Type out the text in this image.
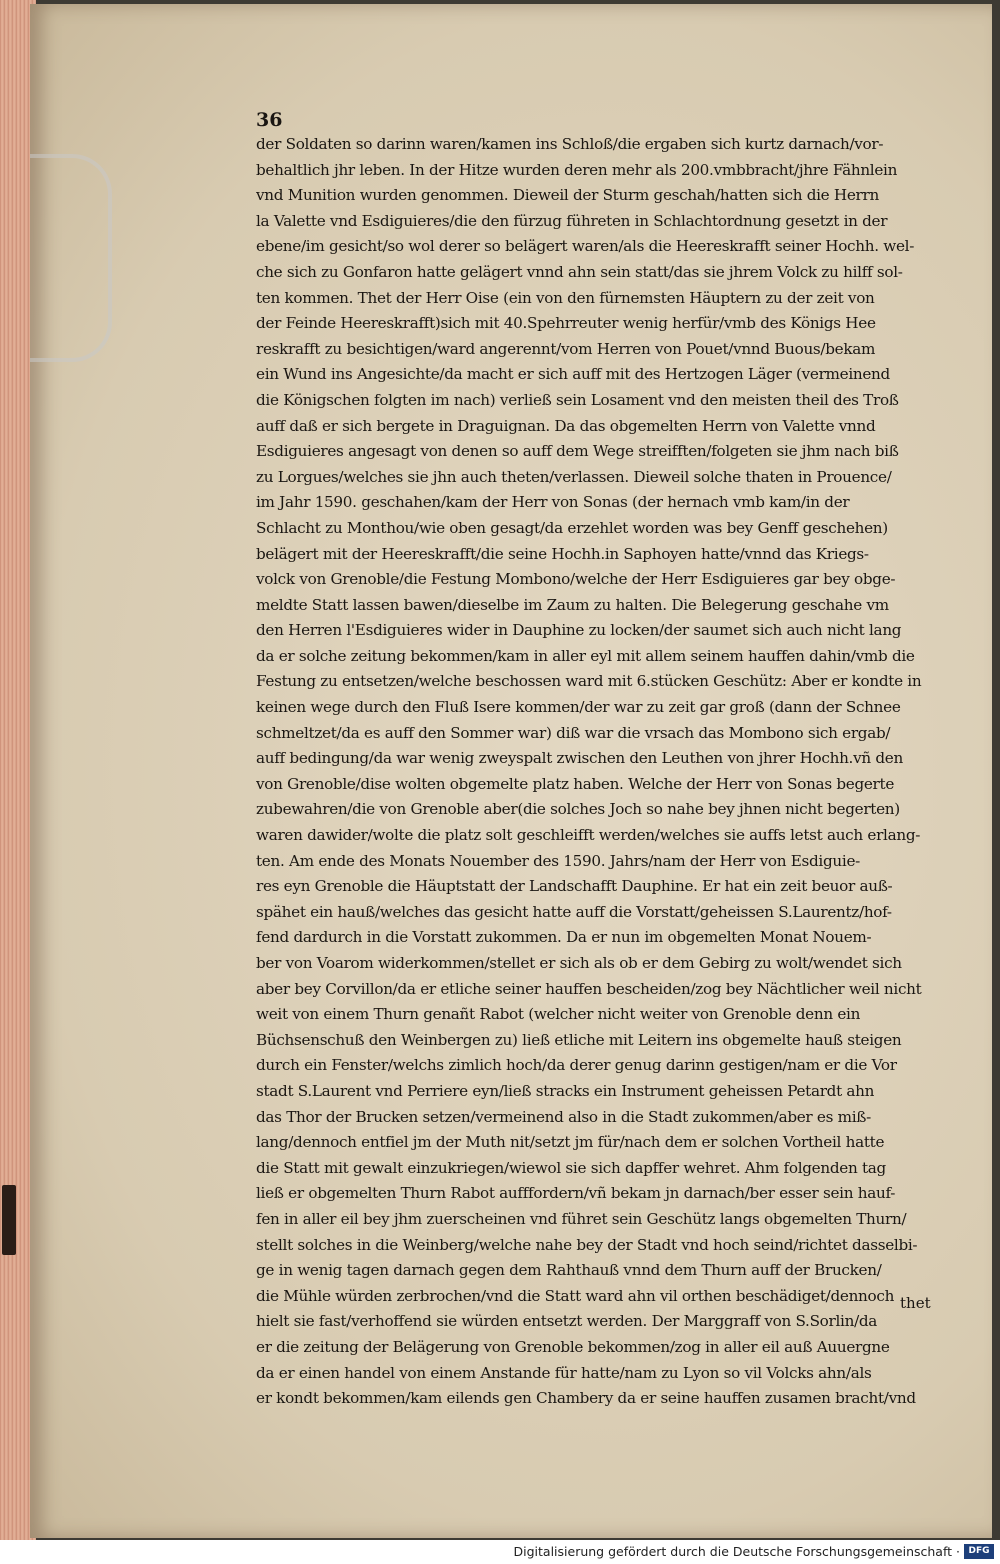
36
der Soldaten so darinn waren/kamen ins Schloß/die ergaben sich kurtz darnach/vor-
behaltlich jhr leben. In der Hitze wurden deren mehr als 200.vmbbracht/jhre Fähnlein
vnd Munition wurden genommen. Dieweil der Sturm geschah/hatten sich die Herrn
la Valette vnd Esdiguieres/die den fürzug führeten in Schlachtordnung gesetzt in der
ebene/im gesicht/so wol derer so belägert waren/als die Heereskrafft seiner Hochh. wel-
che sich zu Gonfaron hatte gelägert vnnd ahn sein statt/das sie jhrem Volck zu hilff sol-
ten kommen. Thet der Herr Oise (ein von den fürnemsten Häuptern zu der zeit von
der Feinde Heereskrafft)sich mit 40.Spehrreuter wenig herfür/vmb des Königs Hee
reskrafft zu besichtigen/ward angerennt/vom Herren von Pouet/vnnd Buous/bekam
ein Wund ins Angesichte/da macht er sich auff mit des Hertzogen Läger (vermeinend
die Königschen folgten im nach) verließ sein Losament vnd den meisten theil des Troß
auff daß er sich bergete in Draguignan. Da das obgemelten Herrn von Valette vnnd
Esdiguieres angesagt von denen so auff dem Wege streifften/folgeten sie jhm nach biß
zu Lorgues/welches sie jhn auch theten/verlassen. Dieweil solche thaten in Prouence/
im Jahr 1590. geschahen/kam der Herr von Sonas (der hernach vmb kam/in der
Schlacht zu Monthou/wie oben gesagt/da erzehlet worden was bey Genff geschehen)
belägert mit der Heereskrafft/die seine Hochh.in Saphoyen hatte/vnnd das Kriegs-
volck von Grenoble/die Festung Mombono/welche der Herr Esdiguieres gar bey obge-
meldte Statt lassen bawen/dieselbe im Zaum zu halten. Die Belegerung geschahe vm
den Herren l'Esdiguieres wider in Dauphine zu locken/der saumet sich auch nicht lang
da er solche zeitung bekommen/kam in aller eyl mit allem seinem hauffen dahin/vmb die
Festung zu entsetzen/welche beschossen ward mit 6.stücken Geschütz: Aber er kondte in
keinen wege durch den Fluß Isere kommen/der war zu zeit gar groß (dann der Schnee
schmeltzet/da es auff den Sommer war) diß war die vrsach das Mombono sich ergab/
auff bedingung/da war wenig zweyspalt zwischen den Leuthen von jhrer Hochh.vñ den
von Grenoble/dise wolten obgemelte platz haben. Welche der Herr von Sonas begerte
zubewahren/die von Grenoble aber(die solches Joch so nahe bey jhnen nicht begerten)
waren dawider/wolte die platz solt geschleifft werden/welches sie auffs letst auch erlang-
ten. Am ende des Monats Nouember des 1590. Jahrs/nam der Herr von Esdiguie-
res eyn Grenoble die Häuptstatt der Landschafft Dauphine. Er hat ein zeit beuor auß-
spähet ein hauß/welches das gesicht hatte auff die Vorstatt/geheissen S.Laurentz/hof-
fend dardurch in die Vorstatt zukommen. Da er nun im obgemelten Monat Nouem-
ber von Voarom widerkommen/stellet er sich als ob er dem Gebirg zu wolt/wendet sich
aber bey Corvillon/da er etliche seiner hauffen bescheiden/zog bey Nächtlicher weil nicht
weit von einem Thurn genañt Rabot (welcher nicht weiter von Grenoble denn ein
Büchsenschuß den Weinbergen zu) ließ etliche mit Leitern ins obgemelte hauß steigen
durch ein Fenster/welchs zimlich hoch/da derer genug darinn gestigen/nam er die Vor
stadt S.Laurent vnd Perriere eyn/ließ stracks ein Instrument geheissen Petardt ahn
das Thor der Brucken setzen/vermeinend also in die Stadt zukommen/aber es miß-
lang/dennoch entfiel jm der Muth nit/setzt jm für/nach dem er solchen Vortheil hatte
die Statt mit gewalt einzukriegen/wiewol sie sich dapffer wehret. Ahm folgenden tag
ließ er obgemelten Thurn Rabot aufffordern/vñ bekam jn darnach/ber esser sein hauf-
fen in aller eil bey jhm zuerscheinen vnd führet sein Geschütz langs obgemelten Thurn/
stellt solches in die Weinberg/welche nahe bey der Stadt vnd hoch seind/richtet dasselbi-
ge in wenig tagen darnach gegen dem Rahthauß vnnd dem Thurn auff der Brucken/
die Mühle würden zerbrochen/vnd die Statt ward ahn vil orthen beschädiget/dennoch
hielt sie fast/verhoffend sie würden entsetzt werden. Der Marggraff von S.Sorlin/da
er die zeitung der Belägerung von Grenoble bekommen/zog in aller eil auß Auuergne
da er einen handel von einem Anstande für hatte/nam zu Lyon so vil Volcks ahn/als
er kondt bekommen/kam eilends gen Chambery da er seine hauffen zusamen bracht/vnd
thet
Digitalisierung gefördert durch die Deutsche Forschungsgemeinschaft · DFG
